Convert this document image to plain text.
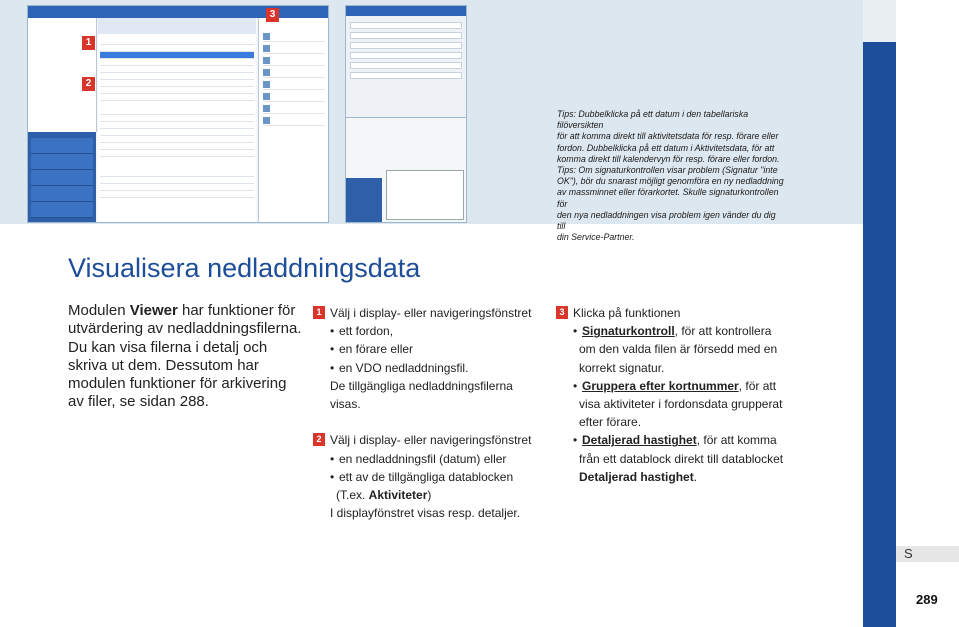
S
289
1
2
3
Tips: Dubbelklicka på ett datum i den tabellariska filöversikten
för att komma direkt till aktivitetsdata för resp. förare eller
fordon. Dubbelklicka på ett datum i Aktivitetsdata, för att
komma direkt till kalendervyn för resp. förare eller fordon.
Tips: Om signaturkontrollen visar problem (Signatur "inte
OK"), bör du snarast möjligt genomföra en ny nedladdning
av massminnet eller förarkortet. Skulle signaturkontrollen för
den nya nedladdningen visa problem igen vänder du dig till
din Service-Partner.
Visualisera nedladdningsdata
Modulen Viewer har funktioner för utvärdering av nedladdningsfilerna. Du kan visa filerna i detalj och skriva ut dem. Dessutom har modulen funktioner för arkivering av filer, se sidan 288.
1 Välj i display- eller navigeringsfönstret
• ett fordon,
• en förare eller
• en VDO nedladdningsfil.
De tillgängliga nedladdningsfilerna
visas.
2 Välj i display- eller navigeringsfönstret
• en nedladdningsfil (datum) eller
• ett av de tillgängliga datablocken
(T.ex. Aktiviteter)
I displayfönstret visas resp. detaljer.
3 Klicka på funktionen
• Signaturkontroll, för att kontrollera
om den valda filen är försedd med en
korrekt signatur.
• Gruppera efter kortnummer, för att
visa aktiviteter i fordonsdata grupperat
efter förare.
• Detaljerad hastighet, för att komma
från ett datablock direkt till datablocket
Detaljerad hastighet.
